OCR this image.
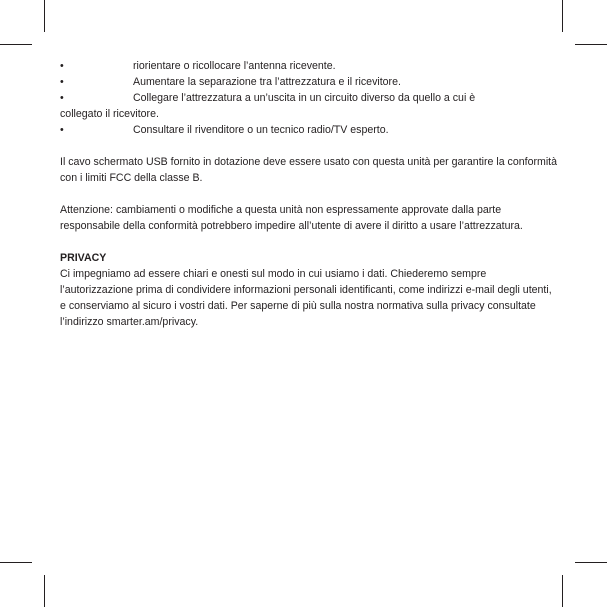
•	riorientare o ricollocare l’antenna ricevente.

•	Aumentare la separazione tra l’attrezzatura e il ricevitore.

•	Collegare l’attrezzatura a un’uscita in un circuito diverso da quello a cui è

collegato il ricevitore.

•	Consultare il rivenditore o un tecnico radio/TV esperto.

Il cavo schermato USB fornito in dotazione deve essere usato con questa unità per garantire la conformità con i limiti FCC della classe B.

Attenzione: cambiamenti o modifiche a questa unità non espressamente approvate dalla parte responsabile della conformità potrebbero impedire all’utente di avere il diritto a usare l’attrezzatura.

PRIVACY

Ci impegniamo ad essere chiari e onesti sul modo in cui usiamo i dati. Chiederemo sempre l’autorizzazione prima di condividere informazioni personali identificanti, come indirizzi e-mail degli utenti, e conserviamo al sicuro i vostri dati. Per saperne di più sulla nostra normativa sulla privacy consultate l’indirizzo smarter.am/privacy.
